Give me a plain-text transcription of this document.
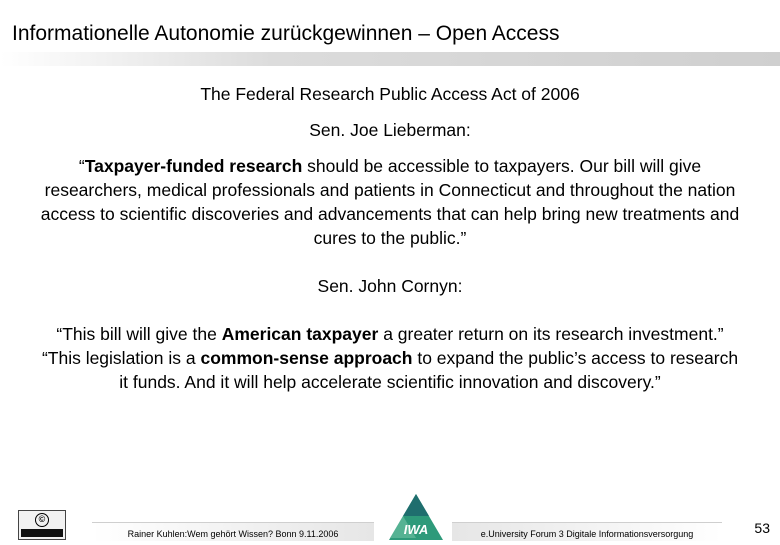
Informationelle Autonomie zurückgewinnen – Open Access

The Federal Research Public Access Act of 2006

Sen. Joe Lieberman:

“Taxpayer-funded research should be accessible to taxpayers. Our bill will give researchers, medical professionals and patients in Connecticut and throughout the nation access to scientific discoveries and advancements that can help bring new treatments and cures to the public.”

Sen. John Cornyn:

“This bill will give the American taxpayer a greater return on its research investment.”

“This legislation is a common-sense approach to expand the public’s access to research it funds. And it will help accelerate scientific innovation and discovery.”

©
Rainer Kuhlen:Wem gehört Wissen? Bonn 9.11.2006	IWA	e.University Forum 3 Digitale Informationsversorgung	53
